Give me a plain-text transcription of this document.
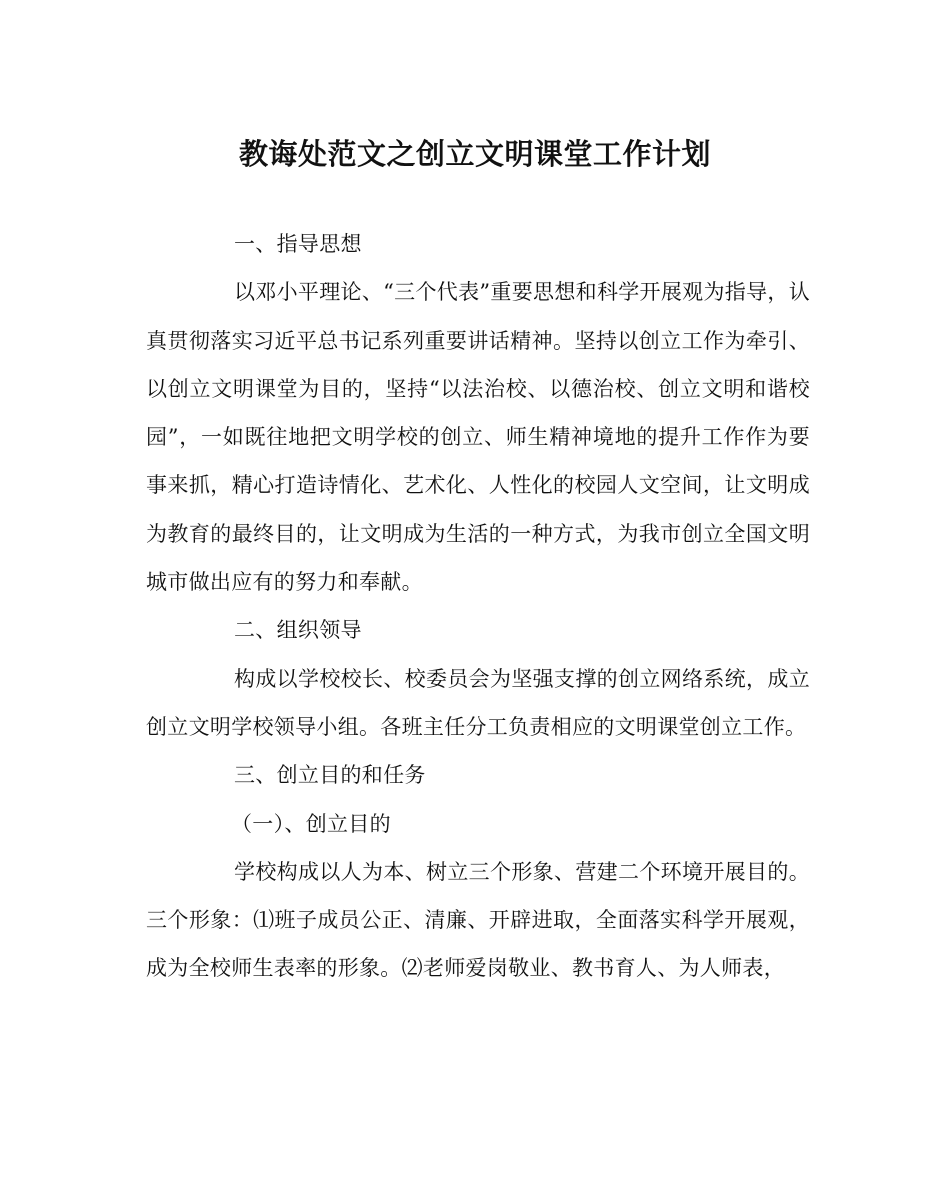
教诲处范文之创立文明课堂工作计划

一、指导思想

以邓小平理论、“三个代表”重要思想和科学开展观为指导，认真贯彻落实习近平总书记系列重要讲话精神。坚持以创立工作为牵引、以创立文明课堂为目的，坚持“以法治校、以德治校、创立文明和谐校园”，一如既往地把文明学校的创立、师生精神境地的提升工作作为要事来抓，精心打造诗情化、艺术化、人性化的校园人文空间，让文明成为教育的最终目的，让文明成为生活的一种方式，为我市创立全国文明城市做出应有的努力和奉献。

二、组织领导

构成以学校校长、校委员会为坚强支撑的创立网络系统，成立创立文明学校领导小组。各班主任分工负责相应的文明课堂创立工作。

三、创立目的和任务

（一）、创立目的

学校构成以人为本、树立三个形象、营建二个环境开展目的。三个形象：⑴班子成员公正、清廉、开辟进取，全面落实科学开展观，成为全校师生表率的形象。⑵老师爱岗敬业、教书育人、为人师表，
